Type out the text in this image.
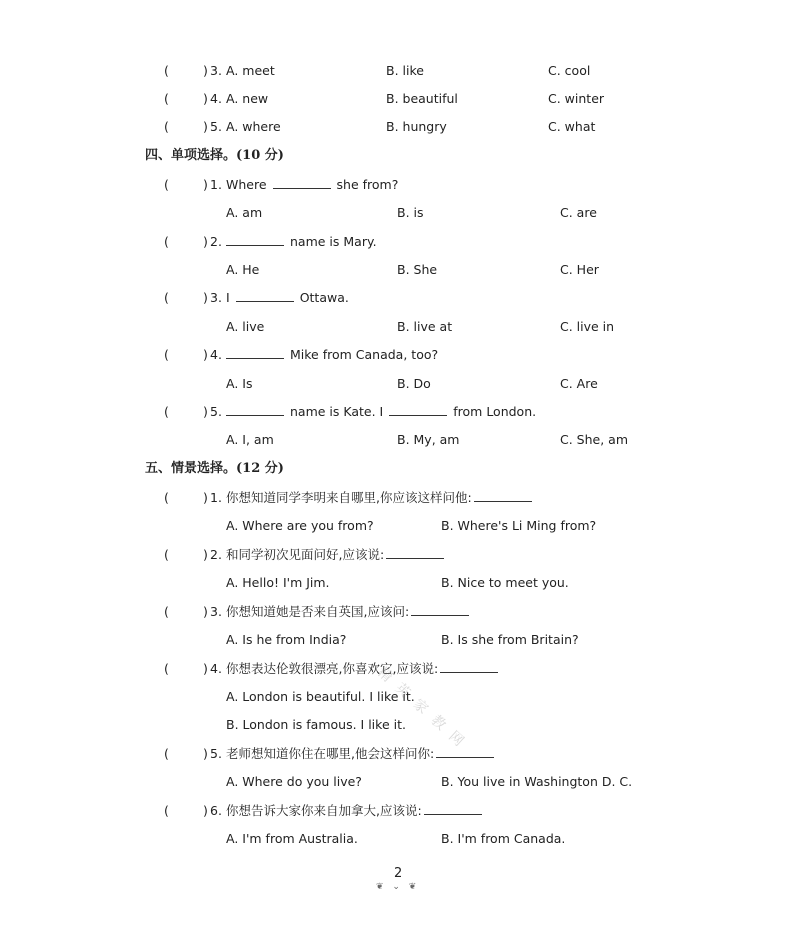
(	) 3. A. meet	B. like	C. cool
(	) 4. A. new	B. beautiful	C. winter
(	) 5. A. where	B. hungry	C. what
四、单项选择。(10 分)
(	) 1. Where	she from?
A. am	B. is	C. are
(	) 2.	name is Mary.
A. He	B. She	C. Her
(	) 3. I	Ottawa.
A. live	B. live at	C. live in
(	) 4.	Mike from Canada, too?
A. Is	B. Do	C. Are
(	) 5.	name is Kate. I	from London.
A. I, am	B. My, am	C. She, am
五、情景选择。(12 分)
(	) 1. 你想知道同学李明来自哪里,你应该这样问他:
A. Where are you from?	B. Where's Li Ming from?
(	) 2. 和同学初次见面问好,应该说:
A. Hello! I'm Jim.	B. Nice to meet you.
(	) 3. 你想知道她是否来自英国,应该问:
A. Is he from India?	B. Is she from Britain?
(	) 4. 你想表达伦敦很漂亮,你喜欢它,应该说:
A. London is beautiful. I like it.
B. London is famous. I like it.
(	) 5. 老师想知道你住在哪里,他会这样问你:
A. Where do you live?	B. You live in Washington D. C.
(	) 6. 你想告诉大家你来自加拿大,应该说:
A. I'm from Australia.	B. I'm from Canada.
精英家教网
2
❦ ⌄ ❦
